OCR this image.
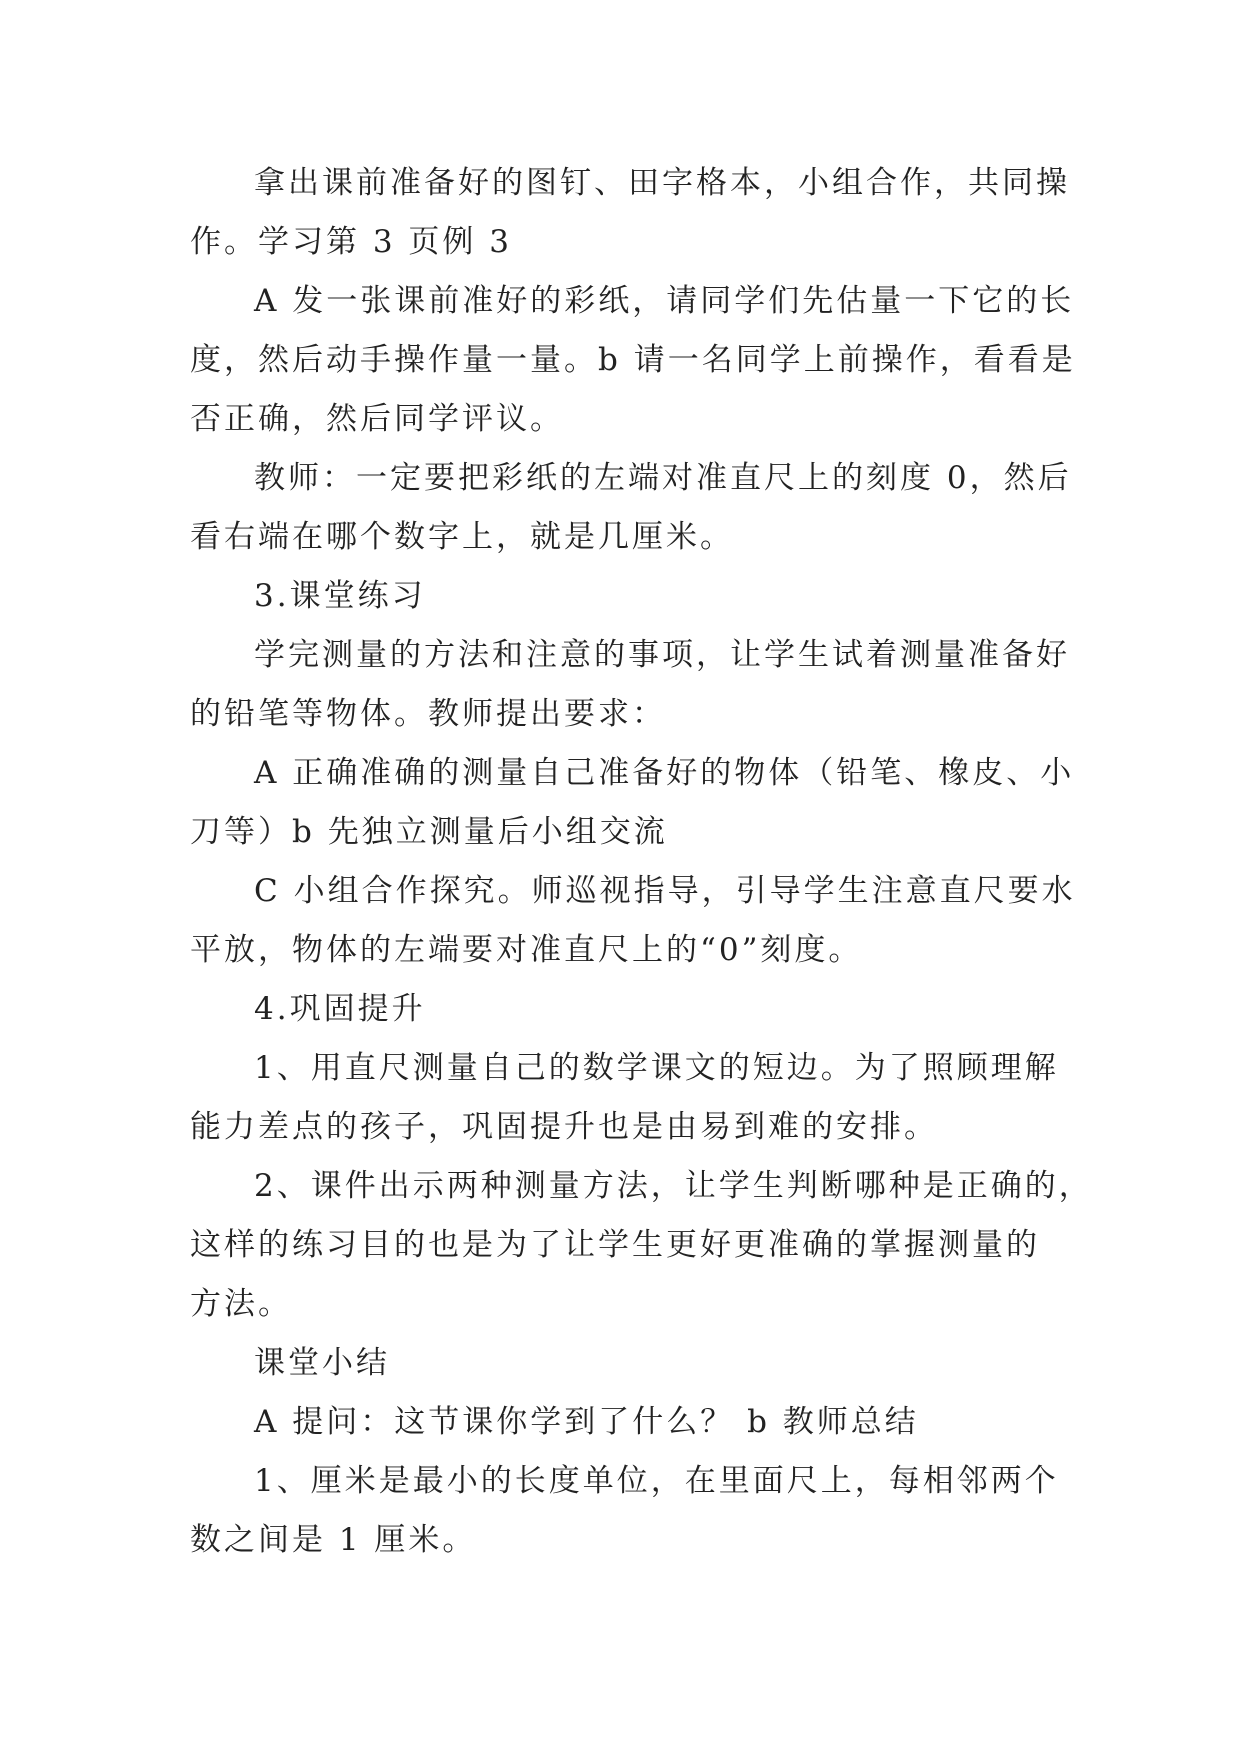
拿出课前准备好的图钉、田字格本，小组合作，共同操
作。学习第 3 页例 3

A 发一张课前准好的彩纸，请同学们先估量一下它的长
度，然后动手操作量一量。b 请一名同学上前操作，看看是
否正确，然后同学评议。

教师：一定要把彩纸的左端对准直尺上的刻度 0，然后
看右端在哪个数字上，就是几厘米。

3.课堂练习

学完测量的方法和注意的事项，让学生试着测量准备好
的铅笔等物体。教师提出要求：

A 正确准确的测量自己准备好的物体（铅笔、橡皮、小
刀等）b 先独立测量后小组交流

C 小组合作探究。师巡视指导，引导学生注意直尺要水
平放，物体的左端要对准直尺上的“0”刻度。

4.巩固提升

1、用直尺测量自己的数学课文的短边。为了照顾理解
能力差点的孩子，巩固提升也是由易到难的安排。

2、课件出示两种测量方法，让学生判断哪种是正确的，
这样的练习目的也是为了让学生更好更准确的掌握测量的
方法。

课堂小结

A 提问：这节课你学到了什么？ b 教师总结

1、厘米是最小的长度单位，在里面尺上，每相邻两个
数之间是 1 厘米。
